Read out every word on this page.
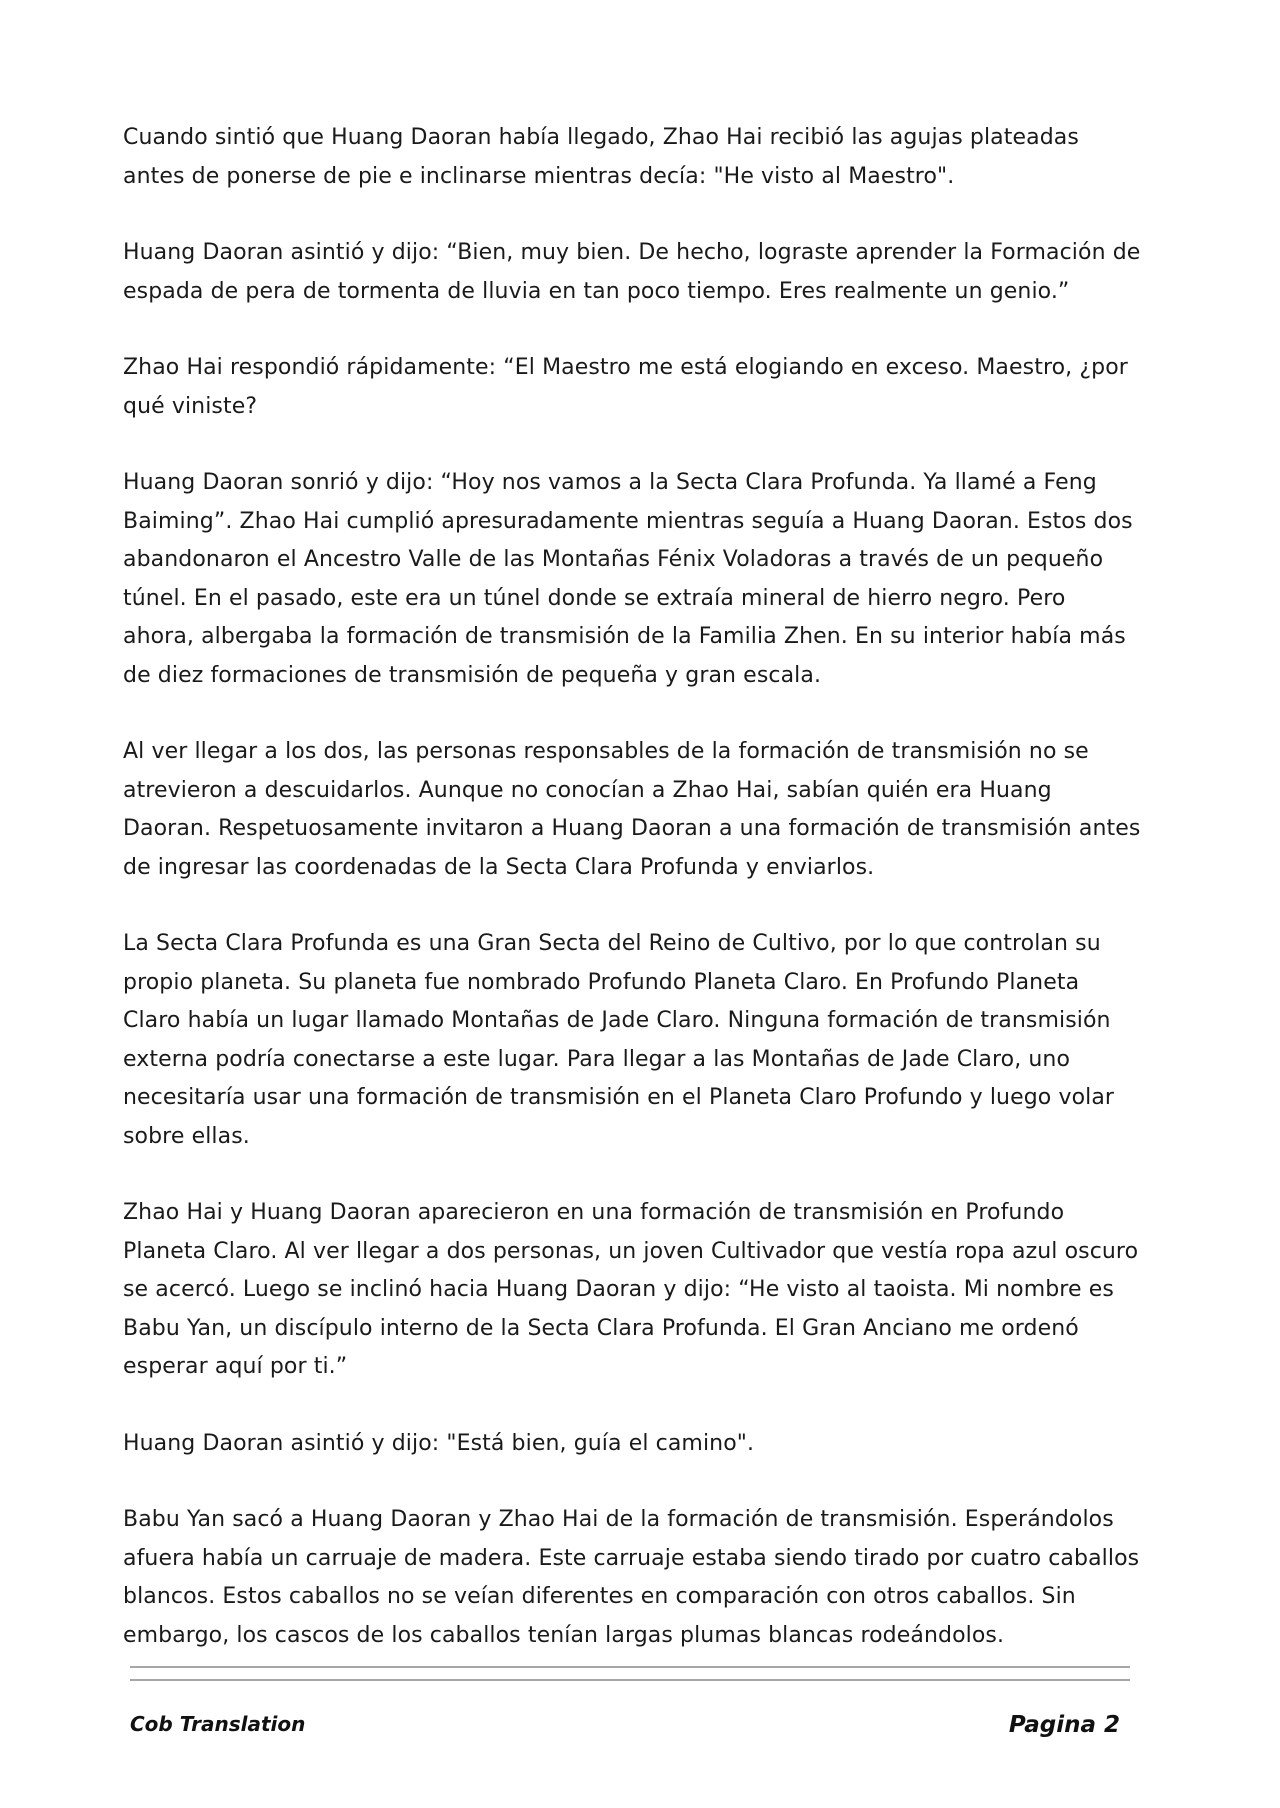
Cuando sintió que Huang Daoran había llegado, Zhao Hai recibió las agujas plateadas antes de ponerse de pie e inclinarse mientras decía: "He visto al Maestro".

Huang Daoran asintió y dijo: “Bien, muy bien. De hecho, lograste aprender la Formación de espada de pera de tormenta de lluvia en tan poco tiempo. Eres realmente un genio.”

Zhao Hai respondió rápidamente: “El Maestro me está elogiando en exceso. Maestro, ¿por qué viniste?

Huang Daoran sonrió y dijo: “Hoy nos vamos a la Secta Clara Profunda. Ya llamé a Feng Baiming”. Zhao Hai cumplió apresuradamente mientras seguía a Huang Daoran. Estos dos abandonaron el Ancestro Valle de las Montañas Fénix Voladoras a través de un pequeño túnel. En el pasado, este era un túnel donde se extraía mineral de hierro negro. Pero ahora, albergaba la formación de transmisión de la Familia Zhen. En su interior había más de diez formaciones de transmisión de pequeña y gran escala.

Al ver llegar a los dos, las personas responsables de la formación de transmisión no se atrevieron a descuidarlos. Aunque no conocían a Zhao Hai, sabían quién era Huang Daoran. Respetuosamente invitaron a Huang Daoran a una formación de transmisión antes de ingresar las coordenadas de la Secta Clara Profunda y enviarlos.

La Secta Clara Profunda es una Gran Secta del Reino de Cultivo, por lo que controlan su propio planeta. Su planeta fue nombrado Profundo Planeta Claro. En Profundo Planeta Claro había un lugar llamado Montañas de Jade Claro. Ninguna formación de transmisión externa podría conectarse a este lugar. Para llegar a las Montañas de Jade Claro, uno necesitaría usar una formación de transmisión en el Planeta Claro Profundo y luego volar sobre ellas.

Zhao Hai y Huang Daoran aparecieron en una formación de transmisión en Profundo Planeta Claro. Al ver llegar a dos personas, un joven Cultivador que vestía ropa azul oscuro se acercó. Luego se inclinó hacia Huang Daoran y dijo: “He visto al taoista. Mi nombre es Babu Yan, un discípulo interno de la Secta Clara Profunda. El Gran Anciano me ordenó esperar aquí por ti.”

Huang Daoran asintió y dijo: "Está bien, guía el camino".

Babu Yan sacó a Huang Daoran y Zhao Hai de la formación de transmisión. Esperándolos afuera había un carruaje de madera. Este carruaje estaba siendo tirado por cuatro caballos blancos. Estos caballos no se veían diferentes en comparación con otros caballos. Sin embargo, los cascos de los caballos tenían largas plumas blancas rodeándolos.

Cob Translation	Pagina 2
